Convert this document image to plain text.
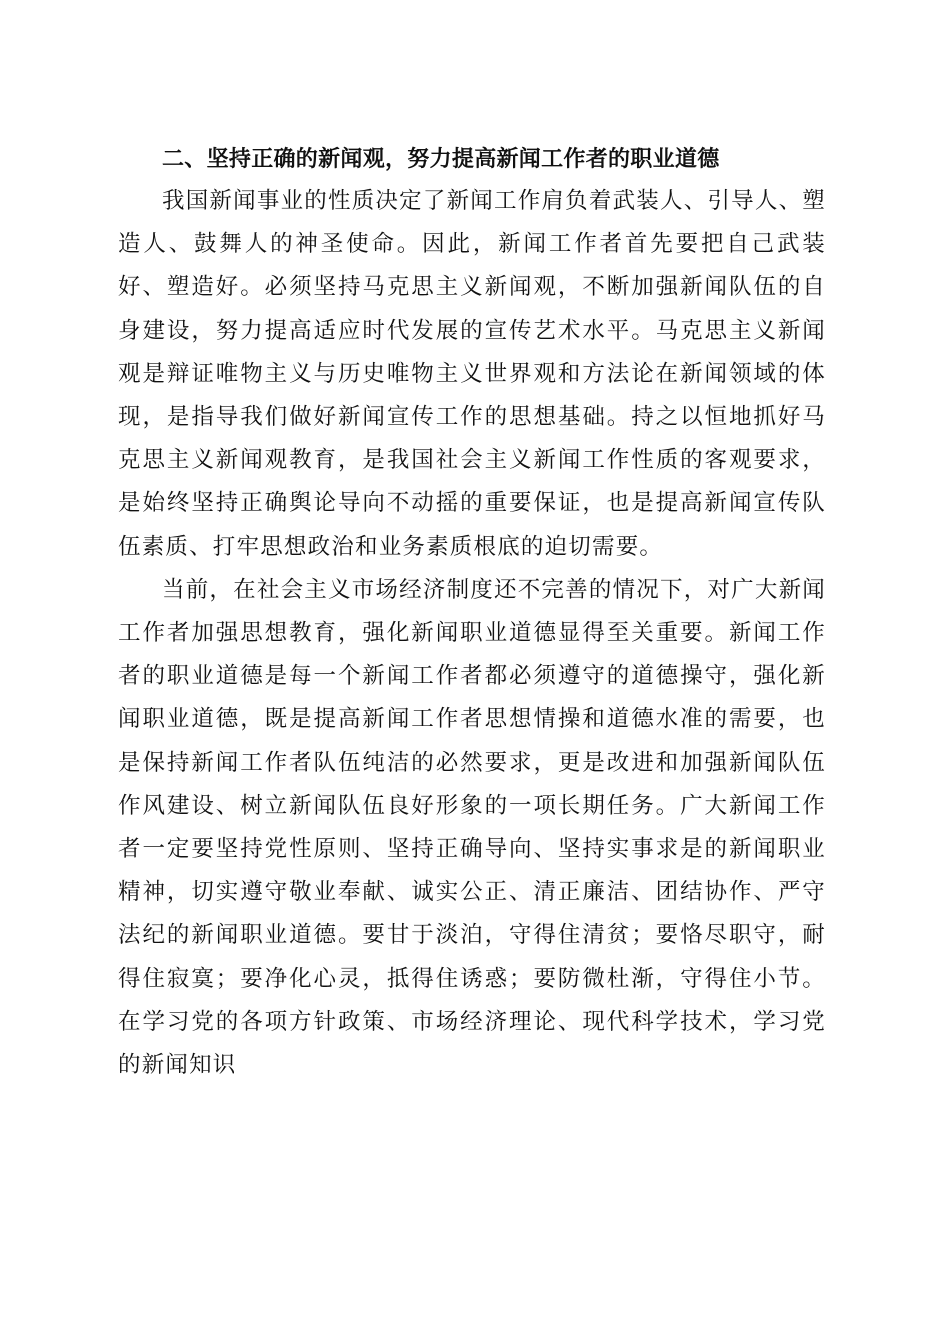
二、坚持正确的新闻观，努力提高新闻工作者的职业道德

我国新闻事业的性质决定了新闻工作肩负着武装人、引导人、塑造人、鼓舞人的神圣使命。因此，新闻工作者首先要把自己武装好、塑造好。必须坚持马克思主义新闻观，不断加强新闻队伍的自身建设，努力提高适应时代发展的宣传艺术水平。马克思主义新闻观是辩证唯物主义与历史唯物主义世界观和方法论在新闻领域的体现，是指导我们做好新闻宣传工作的思想基础。持之以恒地抓好马克思主义新闻观教育，是我国社会主义新闻工作性质的客观要求，是始终坚持正确舆论导向不动摇的重要保证，也是提高新闻宣传队伍素质、打牢思想政治和业务素质根底的迫切需要。

当前，在社会主义市场经济制度还不完善的情况下，对广大新闻工作者加强思想教育，强化新闻职业道德显得至关重要。新闻工作者的职业道德是每一个新闻工作者都必须遵守的道德操守，强化新闻职业道德，既是提高新闻工作者思想情操和道德水准的需要，也是保持新闻工作者队伍纯洁的必然要求，更是改进和加强新闻队伍作风建设、树立新闻队伍良好形象的一项长期任务。广大新闻工作者一定要坚持党性原则、坚持正确导向、坚持实事求是的新闻职业精神，切实遵守敬业奉献、诚实公正、清正廉洁、团结协作、严守法纪的新闻职业道德。要甘于淡泊，守得住清贫；要恪尽职守，耐得住寂寞；要净化心灵，抵得住诱惑；要防微杜渐，守得住小节。在学习党的各项方针政策、市场经济理论、现代科学技术，学习党的新闻知识
